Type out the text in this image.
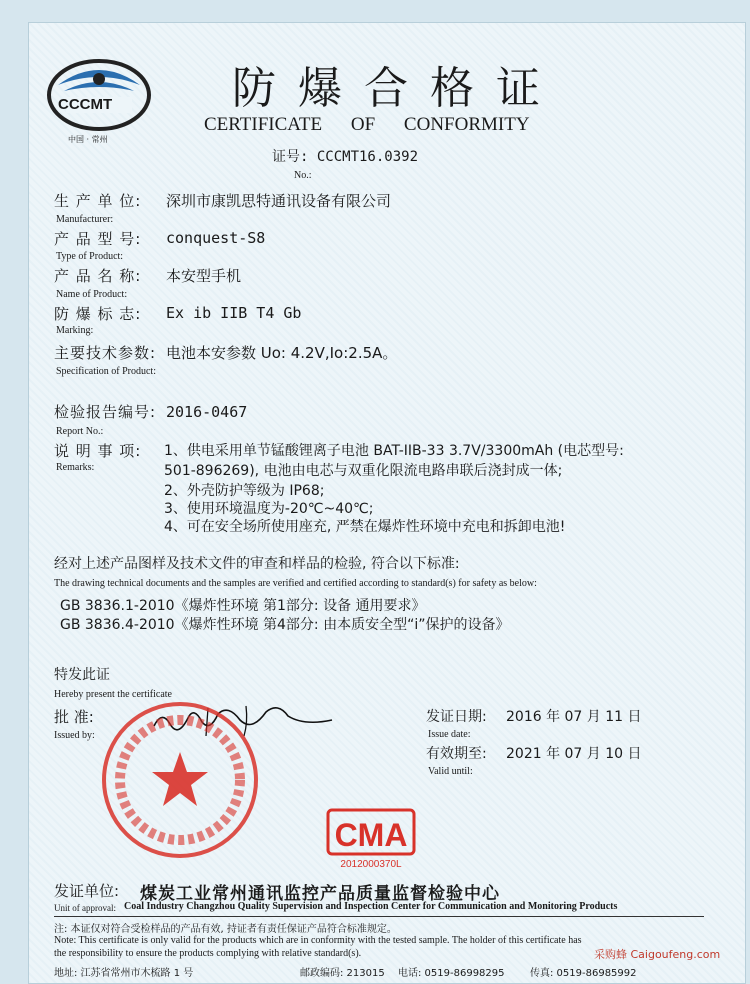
CCCMT
中国 · 常州
防爆合格证
CERTIFICATE OF CONFORMITY
证号: CCCMT16.0392
No.:
生 产 单 位: 深圳市康凯思特通讯设备有限公司
Manufacturer:
产 品 型 号: conquest-S8
Type of Product:
产 品 名 称: 本安型手机
Name of Product:
防 爆 标 志: Ex ib IIB T4 Gb
Marking:
主要技术参数: 电池本安参数 Uo: 4.2V,Io:2.5A。
Specification of Product:
检验报告编号: 2016-0467
Report No.:
说 明 事 项:
Remarks:
1、供电采用单节锰酸锂离子电池 BAT-IIB-33 3.7V/3300mAh (电芯型号:
501-896269), 电池由电芯与双重化限流电路串联后浇封成一体;
2、外壳防护等级为 IP68;
3、使用环境温度为-20℃~40℃;
4、可在安全场所使用座充, 严禁在爆炸性环境中充电和拆卸电池!
经对上述产品图样及技术文件的审查和样品的检验, 符合以下标准:
The drawing technical documents and the samples are verified and certified according to standard(s) for safety as below:
GB 3836.1-2010《爆炸性环境 第1部分: 设备 通用要求》
GB 3836.4-2010《爆炸性环境 第4部分: 由本质安全型“i”保护的设备》
特发此证
Hereby present the certificate
批 准:
Issued by:
发证日期: 2016 年 07 月 11 日
Issue date:
有效期至: 2021 年 07 月 10 日
Valid until:
CMA
2012000370L
发证单位: 煤炭工业常州通讯监控产品质量监督检验中心
Unit of approval: Coal Industry Changzhou Quality Supervision and Inspection Center for Communication and Monitoring Products
注: 本证仅对符合受检样品的产品有效, 持证者有责任保证产品符合标准规定。
Note: This certificate is only valid for the products which are in conformity with the tested sample. The holder of this certificate has
the responsibility to ensure the products complying with relative standard(s).
地址: 江苏省常州市木梳路 1 号	邮政编码: 213015 电话: 0519-86998295	传真: 0519-86985992
采购蜂 Caigoufeng.com
